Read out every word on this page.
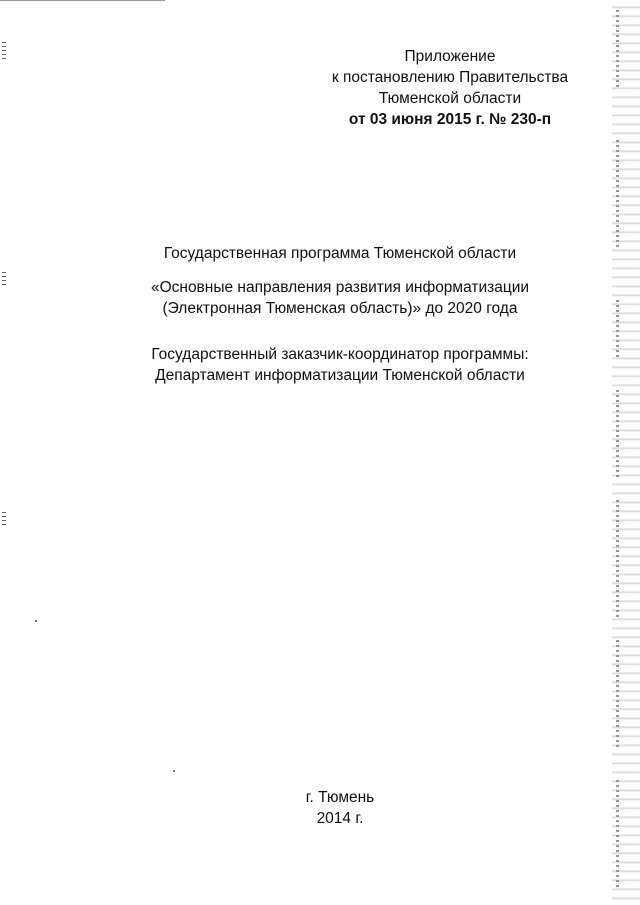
Приложение
к постановлению Правительства
Тюменской области
от 03 июня 2015 г. № 230-п
Государственная программа Тюменской области
«Основные направления развития информатизации
(Электронная Тюменская область)» до 2020 года
Государственный заказчик-координатор программы:
Департамент информатизации Тюменской области
г. Тюмень
2014 г.
